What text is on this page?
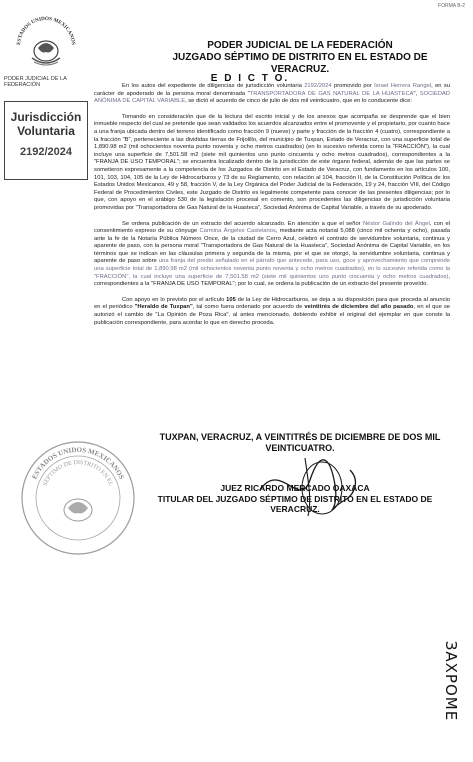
FORMA B-2
ESTADOS UNIDOS MEXICANOS
PODER JUDICIAL DE LA FEDERACIÓN
PODER JUDICIAL DE LA FEDERACIÓN
JUZGADO SÉPTIMO DE DISTRITO EN EL ESTADO DE VERACRUZ.
E D I C T O.
Jurisdicción
Voluntaria
2192/2024

En los autos del expediente de diligencias de jurisdicción voluntaria 2192/2024 promovido por Israel Herrera Rangel, en su carácter de apoderado de la persona moral denominada "TRANSPORTADORA DE GAS NATURAL DE LA HUASTECA", SOCIEDAD ANÓNIMA DE CAPITAL VARIABLE, se dictó el acuerdo de cinco de julio de dos mil veinticuatro, que en lo conducente dice:

Tomando en consideración que de la lectura del escrito inicial y de los anexos que acompaña se desprende que el bien inmueble respecto del cual se pretende que sean validados los acuerdos alcanzados entre el promovente y el propietario, por cuanto hace a una franja ubicada dentro del terreno identificado como fracción 9 (nueve) y parte y fracción de la fracción 4 (cuatro), correspondiente a la fracción "B", perteneciente a las divididas tierras de Frijolillo, del municipio de Tuxpan, Estado de Veracruz, con una superficie total de 1,890.98 m2 (mil ochocientos noventa punto noventa y ocho metros cuadrados) (en lo sucesivo referida como la "FRACCIÓN"), la cual incluye una superficie de 7,501.58 m2 (siete mil quinientos uno punto cincuenta y ocho metros cuadrados), correspondientes a la "FRANJA DE USO TEMPORAL"; se encuentra localizado dentro de la jurisdicción de este órgano federal, además de que las partes se sometieron expresamente a la competencia de los Juzgados de Distrito en el Estado de Veracruz, con fundamento en los artículos 100, 101, 103, 104, 105 de la Ley de Hidrocarburos y 73 de su Reglamento, con relación al 104, fracción II, de la Constitución Política de los Estados Unidos Mexicanos, 49 y 58, fracción V, de la Ley Orgánica del Poder Judicial de la Federación, 19 y 24, fracción VIII, del Código Federal de Procedimientos Civiles, este Juzgado de Distrito es legalmente competente para conocer de las presentes diligencias; por lo que, con apoyo en el arábigo 530 de la legislación procesal en comento, son procedentes las diligencias de jurisdicción voluntaria promovidas por "Transportadora de Gas Natural de la Huasteca", Sociedad Anónima de Capital Variable, a través de su apoderado.

Se ordena publicación de un extracto del acuerdo alcanzado. En atención a que el señor Néstor Galindo del Ángel, con el consentimiento expreso de su cónyuge Carmina Ángeles Castelanos, mediante acta notarial 5,088 (cinco mil ochenta y ocho), pasada ante la fe de la Notaría Pública Número Once, de la ciudad de Cerro Azul, celebró el contrato de servidumbre voluntaria, continua y aparente de paso, con la persona moral "Transportadora de Gas Natural de la Huasteca", Sociedad Anónima de Capital Variable, en los términos que se indican en las cláusulas primera y segunda de la misma, por el que se otorgó, la servidumbre voluntaria, continua y aparente de paso sobre una franja del predio señalado en el párrafo que antecede, para uso, goce y aprovechamiento que comprende una superficie total de 1,890.98 m2 (mil ochocientos noventa punto noventa y ocho metros cuadrados), en lo sucesivo referida como la "FRACCIÓN", la cual incluye una superficie de 7,501.58 m2 (siete mil quinientos uno punto cincuenta y ocho metros cuadrados), correspondientes a la "FRANJA DE USO TEMPORAL"; por lo cual, se ordena la publicación de un extracto del presente proveído.

Con apoyo en lo previsto por el artículo 105 de la Ley de Hidrocarburos, se deja a su disposición para que proceda al anuncio en el periódico "Heraldo de Tuxpan", tal como fuera ordenado por acuerdo de veintitrés de diciembre del año pasado, en el que se autorizó el cambio de "La Opinión de Poza Rica", al antes mencionado, debiendo exhibir el original del ejemplar en que conste la publicación correspondiente, para acordar lo que en derecho proceda.

ESTADOS UNIDOS MEXICANOS
SÉPTIMO DE DISTRITO EN EL
TUXPAN, VERACRUZ, A VEINTITRÉS DE DICIEMBRE DE DOS MIL
VEINTICUATRO.
JUEZ RICARDO MERCADO OAXACA
TITULAR DEL JUZGADO SÉPTIMO DE DISTRITO EN EL ESTADO DE
VERACRUZ.
ЗАХРОМЕ
